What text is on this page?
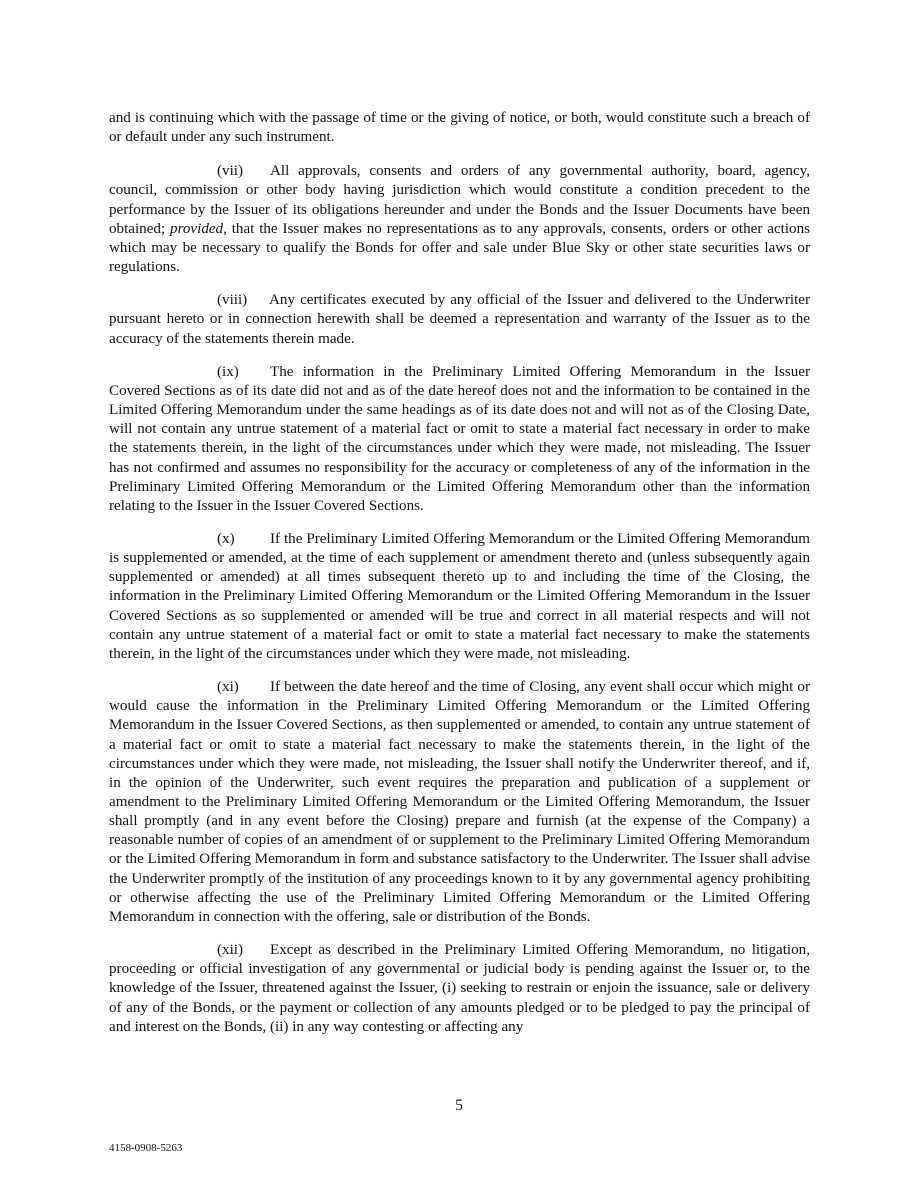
and is continuing which with the passage of time or the giving of notice, or both, would constitute such a breach of or default under any such instrument.

(vii) All approvals, consents and orders of any governmental authority, board, agency, council, commission or other body having jurisdiction which would constitute a condition precedent to the performance by the Issuer of its obligations hereunder and under the Bonds and the Issuer Documents have been obtained; provided, that the Issuer makes no representations as to any approvals, consents, orders or other actions which may be necessary to qualify the Bonds for offer and sale under Blue Sky or other state securities laws or regulations.

(viii) Any certificates executed by any official of the Issuer and delivered to the Underwriter pursuant hereto or in connection herewith shall be deemed a representation and warranty of the Issuer as to the accuracy of the statements therein made.

(ix) The information in the Preliminary Limited Offering Memorandum in the Issuer Covered Sections as of its date did not and as of the date hereof does not and the information to be contained in the Limited Offering Memorandum under the same headings as of its date does not and will not as of the Closing Date, will not contain any untrue statement of a material fact or omit to state a material fact necessary in order to make the statements therein, in the light of the circumstances under which they were made, not misleading. The Issuer has not confirmed and assumes no responsibility for the accuracy or completeness of any of the information in the Preliminary Limited Offering Memorandum or the Limited Offering Memorandum other than the information relating to the Issuer in the Issuer Covered Sections.

(x) If the Preliminary Limited Offering Memorandum or the Limited Offering Memorandum is supplemented or amended, at the time of each supplement or amendment thereto and (unless subsequently again supplemented or amended) at all times subsequent thereto up to and including the time of the Closing, the information in the Preliminary Limited Offering Memorandum or the Limited Offering Memorandum in the Issuer Covered Sections as so supplemented or amended will be true and correct in all material respects and will not contain any untrue statement of a material fact or omit to state a material fact necessary to make the statements therein, in the light of the circumstances under which they were made, not misleading.

(xi) If between the date hereof and the time of Closing, any event shall occur which might or would cause the information in the Preliminary Limited Offering Memorandum or the Limited Offering Memorandum in the Issuer Covered Sections, as then supplemented or amended, to contain any untrue statement of a material fact or omit to state a material fact necessary to make the statements therein, in the light of the circumstances under which they were made, not misleading, the Issuer shall notify the Underwriter thereof, and if, in the opinion of the Underwriter, such event requires the preparation and publication of a supplement or amendment to the Preliminary Limited Offering Memorandum or the Limited Offering Memorandum, the Issuer shall promptly (and in any event before the Closing) prepare and furnish (at the expense of the Company) a reasonable number of copies of an amendment of or supplement to the Preliminary Limited Offering Memorandum or the Limited Offering Memorandum in form and substance satisfactory to the Underwriter. The Issuer shall advise the Underwriter promptly of the institution of any proceedings known to it by any governmental agency prohibiting or otherwise affecting the use of the Preliminary Limited Offering Memorandum or the Limited Offering Memorandum in connection with the offering, sale or distribution of the Bonds.

(xii) Except as described in the Preliminary Limited Offering Memorandum, no litigation, proceeding or official investigation of any governmental or judicial body is pending against the Issuer or, to the knowledge of the Issuer, threatened against the Issuer, (i) seeking to restrain or enjoin the issuance, sale or delivery of any of the Bonds, or the payment or collection of any amounts pledged or to be pledged to pay the principal of and interest on the Bonds, (ii) in any way contesting or affecting any

5
4158-0908-5263
